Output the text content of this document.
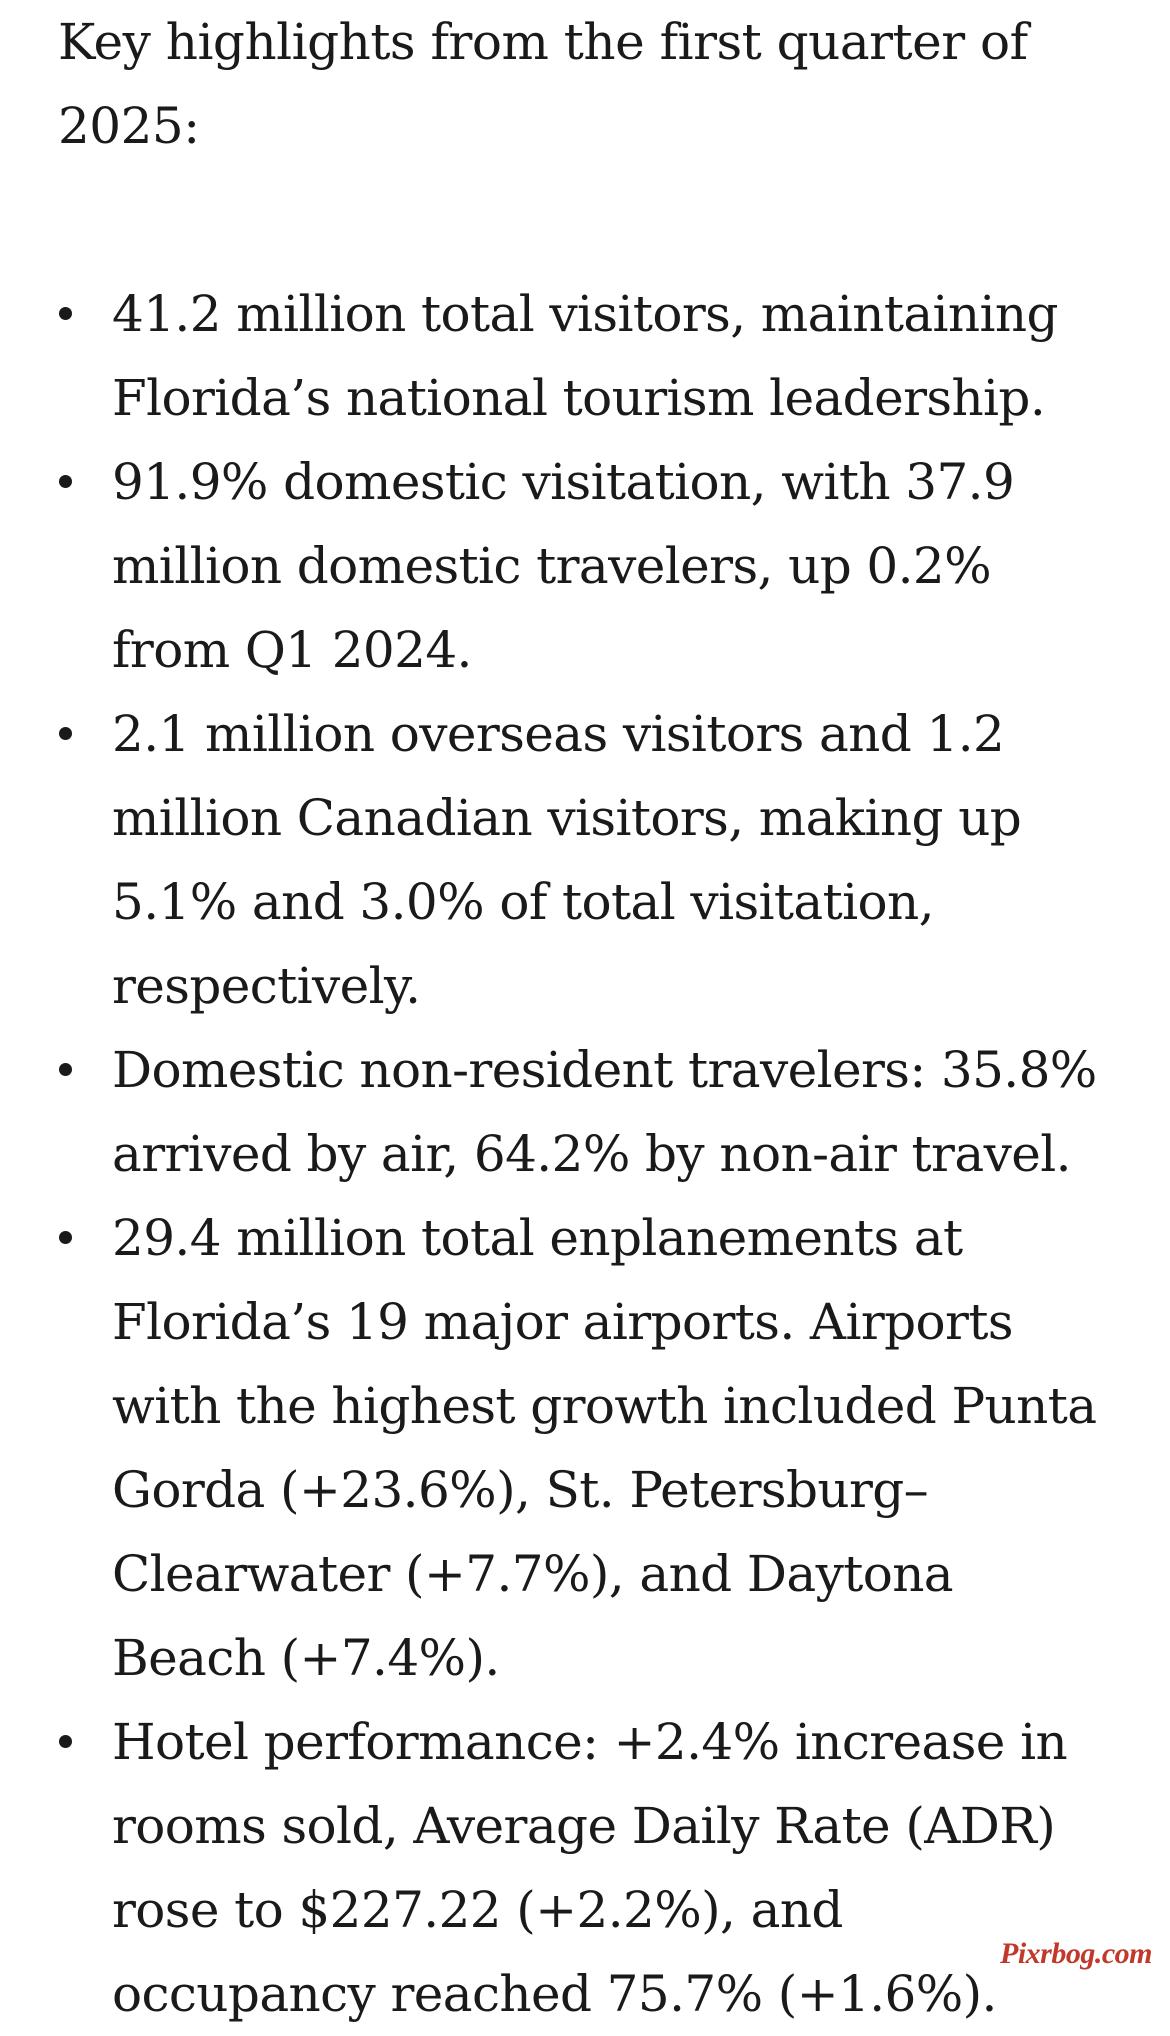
Key highlights from the first quarter of 2025:

41.2 million total visitors, maintaining Florida’s national tourism leadership.
91.9% domestic visitation, with 37.9 million domestic travelers, up 0.2% from Q1 2024.
2.1 million overseas visitors and 1.2 million Canadian visitors, making up 5.1% and 3.0% of total visitation, respectively.
Domestic non-resident travelers: 35.8% arrived by air, 64.2% by non-air travel.
29.4 million total enplanements at Florida’s 19 major airports. Airports with the highest growth included Punta Gorda (+23.6%), St. Petersburg–Clearwater (+7.7%), and Daytona Beach (+7.4%).
Hotel performance: +2.4% increase in rooms sold, Average Daily Rate (ADR) rose to $227.22 (+2.2%), and occupancy reached 75.7% (+1.6%).
Pixrbog.com
